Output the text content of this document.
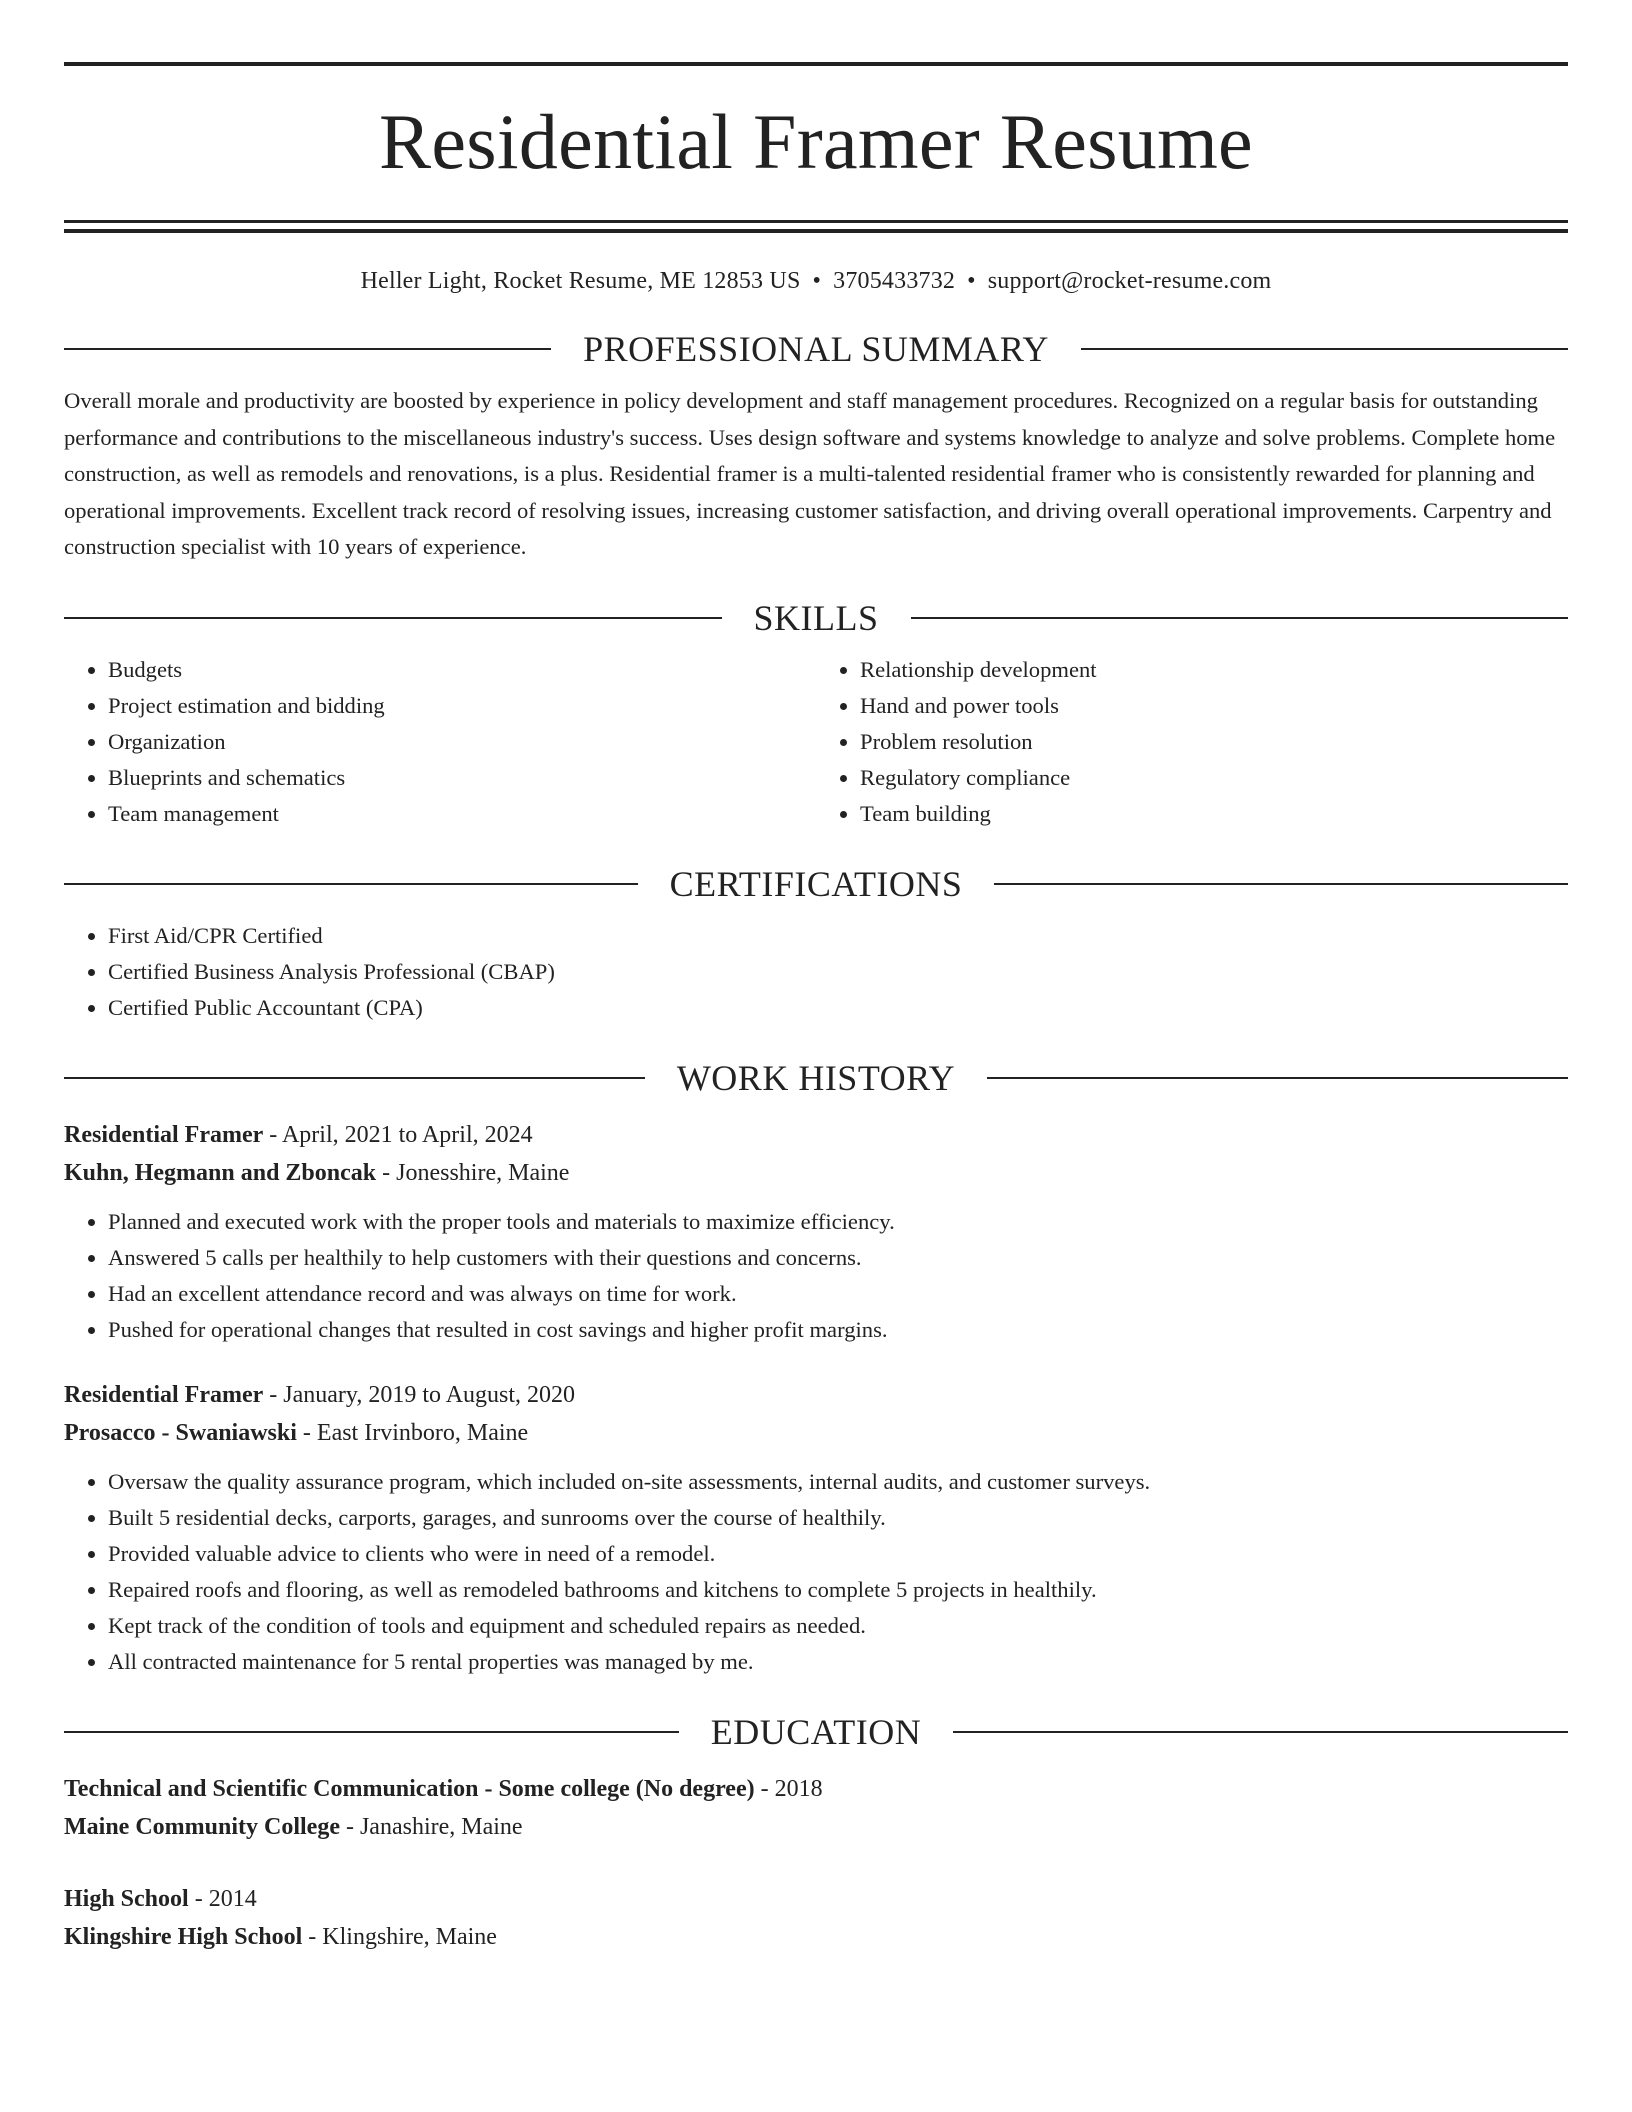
Residential Framer Resume
Heller Light, Rocket Resume, ME 12853 US • 3705433732 • support@rocket-resume.com
PROFESSIONAL SUMMARY

Overall morale and productivity are boosted by experience in policy development and staff management procedures. Recognized on a regular basis for outstanding performance and contributions to the miscellaneous industry's success. Uses design software and systems knowledge to analyze and solve problems. Complete home construction, as well as remodels and renovations, is a plus. Residential framer is a multi-talented residential framer who is consistently rewarded for planning and operational improvements. Excellent track record of resolving issues, increasing customer satisfaction, and driving overall operational improvements. Carpentry and construction specialist with 10 years of experience.

SKILLS
• Budgets
• Project estimation and bidding
• Organization
• Blueprints and schematics
• Team management
• Relationship development
• Hand and power tools
• Problem resolution
• Regulatory compliance
• Team building
CERTIFICATIONS
• First Aid/CPR Certified
• Certified Business Analysis Professional (CBAP)
• Certified Public Accountant (CPA)
WORK HISTORY
Residential Framer - April, 2021 to April, 2024
Kuhn, Hegmann and Zboncak - Jonesshire, Maine
• Planned and executed work with the proper tools and materials to maximize efficiency.
• Answered 5 calls per healthily to help customers with their questions and concerns.
• Had an excellent attendance record and was always on time for work.
• Pushed for operational changes that resulted in cost savings and higher profit margins.
Residential Framer - January, 2019 to August, 2020
Prosacco - Swaniawski - East Irvinboro, Maine
• Oversaw the quality assurance program, which included on-site assessments, internal audits, and customer surveys.
• Built 5 residential decks, carports, garages, and sunrooms over the course of healthily.
• Provided valuable advice to clients who were in need of a remodel.
• Repaired roofs and flooring, as well as remodeled bathrooms and kitchens to complete 5 projects in healthily.
• Kept track of the condition of tools and equipment and scheduled repairs as needed.
• All contracted maintenance for 5 rental properties was managed by me.
EDUCATION
Technical and Scientific Communication - Some college (No degree) - 2018
Maine Community College - Janashire, Maine
High School - 2014
Klingshire High School - Klingshire, Maine
